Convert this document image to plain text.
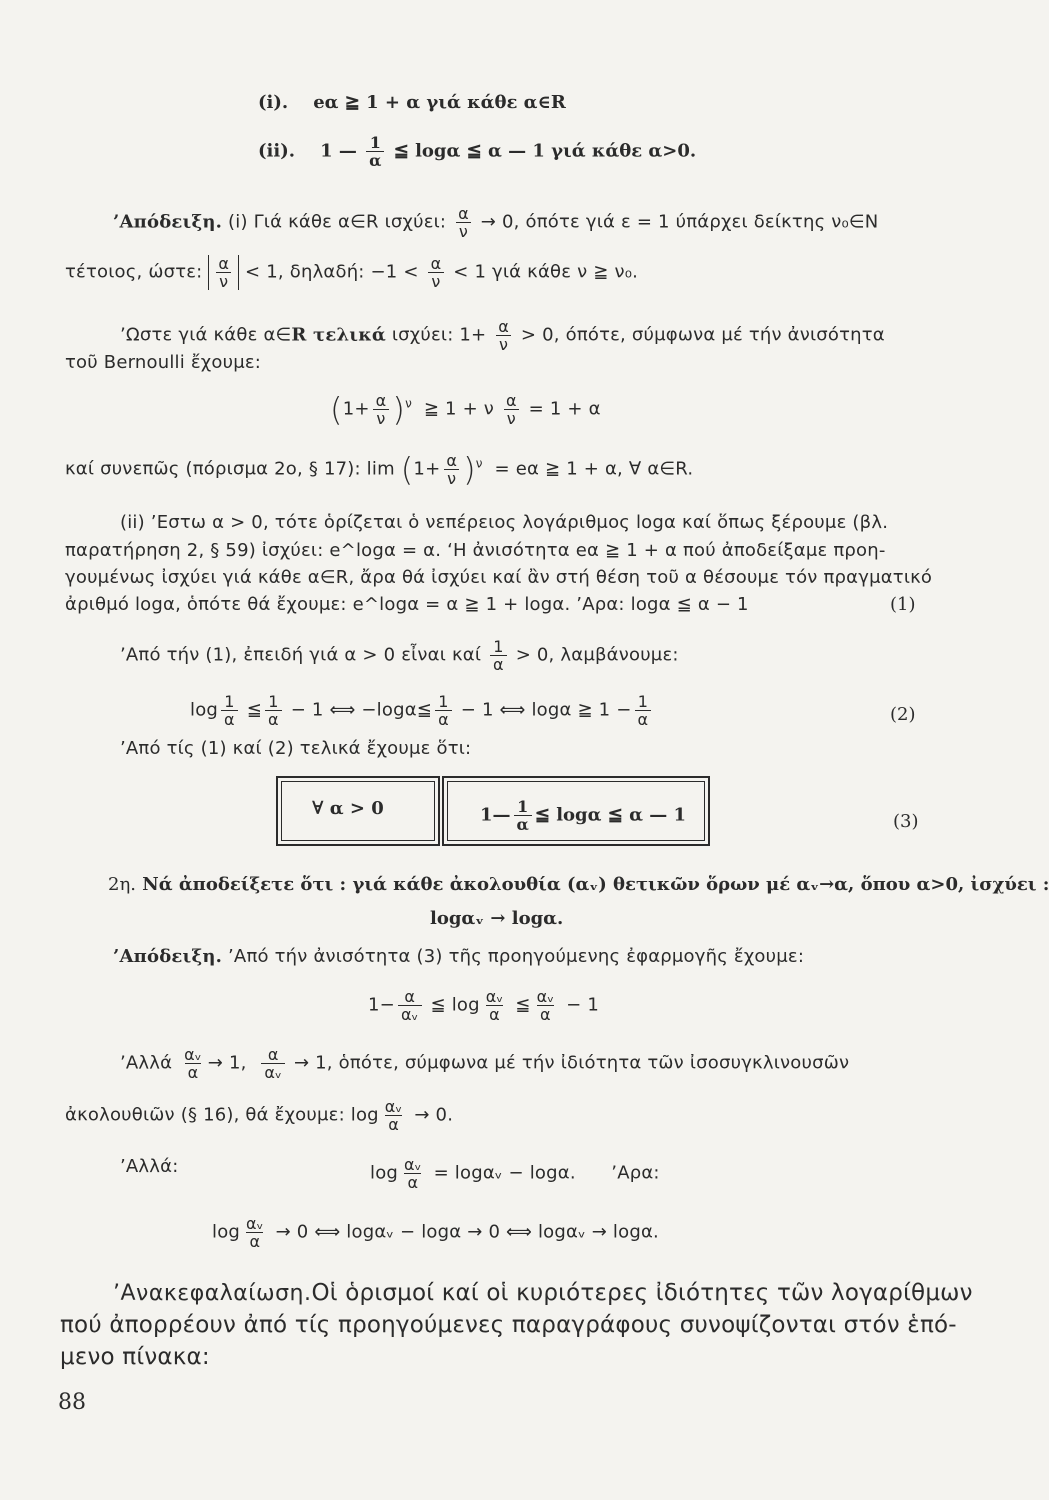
(i). eα ≧ 1 + α γιά κάθε α∈R
(ii). 1 — $\frac{1}{\alpha}$ ≦ logα ≦ α — 1 γιά κάθε α>0.
’Απόδειξη. (i) Γιά κάθε α∈R ισχύει: $\frac{\alpha}{\nu} \to 0$, όπότε γιά ε = 1 ύπάρχει δείκτης ν₀∈N
τέτοιος, ώστε: $\frac{\alpha}{\nu} < 1$, δηλαδή: $-1 < \frac{\alpha}{\nu} < 1$ γιά κάθε ν ≧ ν₀.
’Ωστε γιά κάθε α∈R τελικά ισχύει: $1+ \frac{\alpha}{\nu} > 0$, όπότε, σύμφωνα μέ τήν ἀνισότητα
τοῦ Bernoulli ἔχουμε:
$(1+ \frac{\alpha}{\nu} )^\nu$ ≧ 1 + ν $\frac{\alpha}{\nu} = 1 + \alpha$
καί συνεπῶς (πόρισμα 2ο, § 17): $\lim (1+ \frac{\alpha}{\nu} )^\nu = e\alpha$ ≧ 1 + α, ∀ α∈R.
(ii) ’Εστω α > 0, τότε ὁρίζεται ὁ νεπέρειος λογάριθμος logα καί ὅπως ξέρουμε (βλ.
παρατήρηση 2, § 59) ἰσχύει: e^logα = α. ‘Η ἀνισότητα eα ≧ 1 + α πού ἀποδείξαμε προη-
γουμένως ἰσχύει γιά κάθε α∈R, ἄρα θά ἰσχύει καί ἂν στή θέση τοῦ α θέσουμε τόν πραγματικό
ἀριθμό logα, ὁπότε θά ἔχουμε: e^logα = α ≧ 1 + logα. ’Αρα: logα ≦ α − 1	(1)
’Από τήν (1), ἐπειδή γιά α > 0 εἶναι καί $\frac{1}{\alpha} > 0$, λαμβάνουμε:
$\log \frac{1}{\alpha}$ ≦ $\frac{1}{\alpha} - 1$ ⟺ −logα≦ $\frac{1}{\alpha} - 1$ ⟺ logα ≧ $1 - \frac{1}{\alpha}$	(2)
’Από τίς (1) καί (2) τελικά ἔχουμε ὅτι:
∀ α > 0	1— $\frac{1}{\alpha}$ ≦ logα ≦ α — 1	(3)
2η. Νά ἀποδείξετε ὅτι : γιά κάθε ἀκολουθία (αᵥ) θετικῶν ὅρων μέ αᵥ→α, ὅπου α>0, ἰσχύει :
logαᵥ → logα.
’Απόδειξη. ’Από τήν ἀνισότητα (3) τῆς προηγούμενης ἐφαρμογῆς ἔχουμε:
$1- \frac{\alpha}{\text{αᵥ}}$ ≦ $\log \frac{\text{αᵥ}}{\alpha}$ ≦ $\frac{\text{αᵥ}}{\alpha} - 1$
’Αλλά $\frac{\text{αᵥ}}{\alpha} \to 1$, $\frac{\alpha}{\text{αᵥ}} \to 1$, ὁπότε, σύμφωνα μέ τήν ἰδιότητα τῶν ἰσοσυγκλινουσῶν
ἀκολουθιῶν (§ 16), θά ἔχουμε: $\log \frac{\text{αᵥ}}{\alpha} \to 0$.
’Αλλά:	$\log \frac{\text{αᵥ}}{\alpha}$ = logαᵥ − logα. ’Αρα:
$\log \frac{\text{αᵥ}}{\alpha} \to 0$ ⟺ logαᵥ − logα → 0 ⟺ logαᵥ → logα.
’Ανακεφαλαίωση.Οἱ ὁρισμοί καί οἱ κυριότερες ἰδιότητες τῶν λογαρίθμων
πού ἀπορρέουν ἀπό τίς προηγούμενες παραγράφους συνοψίζονται στόν ἑπό-
μενο πίνακα:
88
